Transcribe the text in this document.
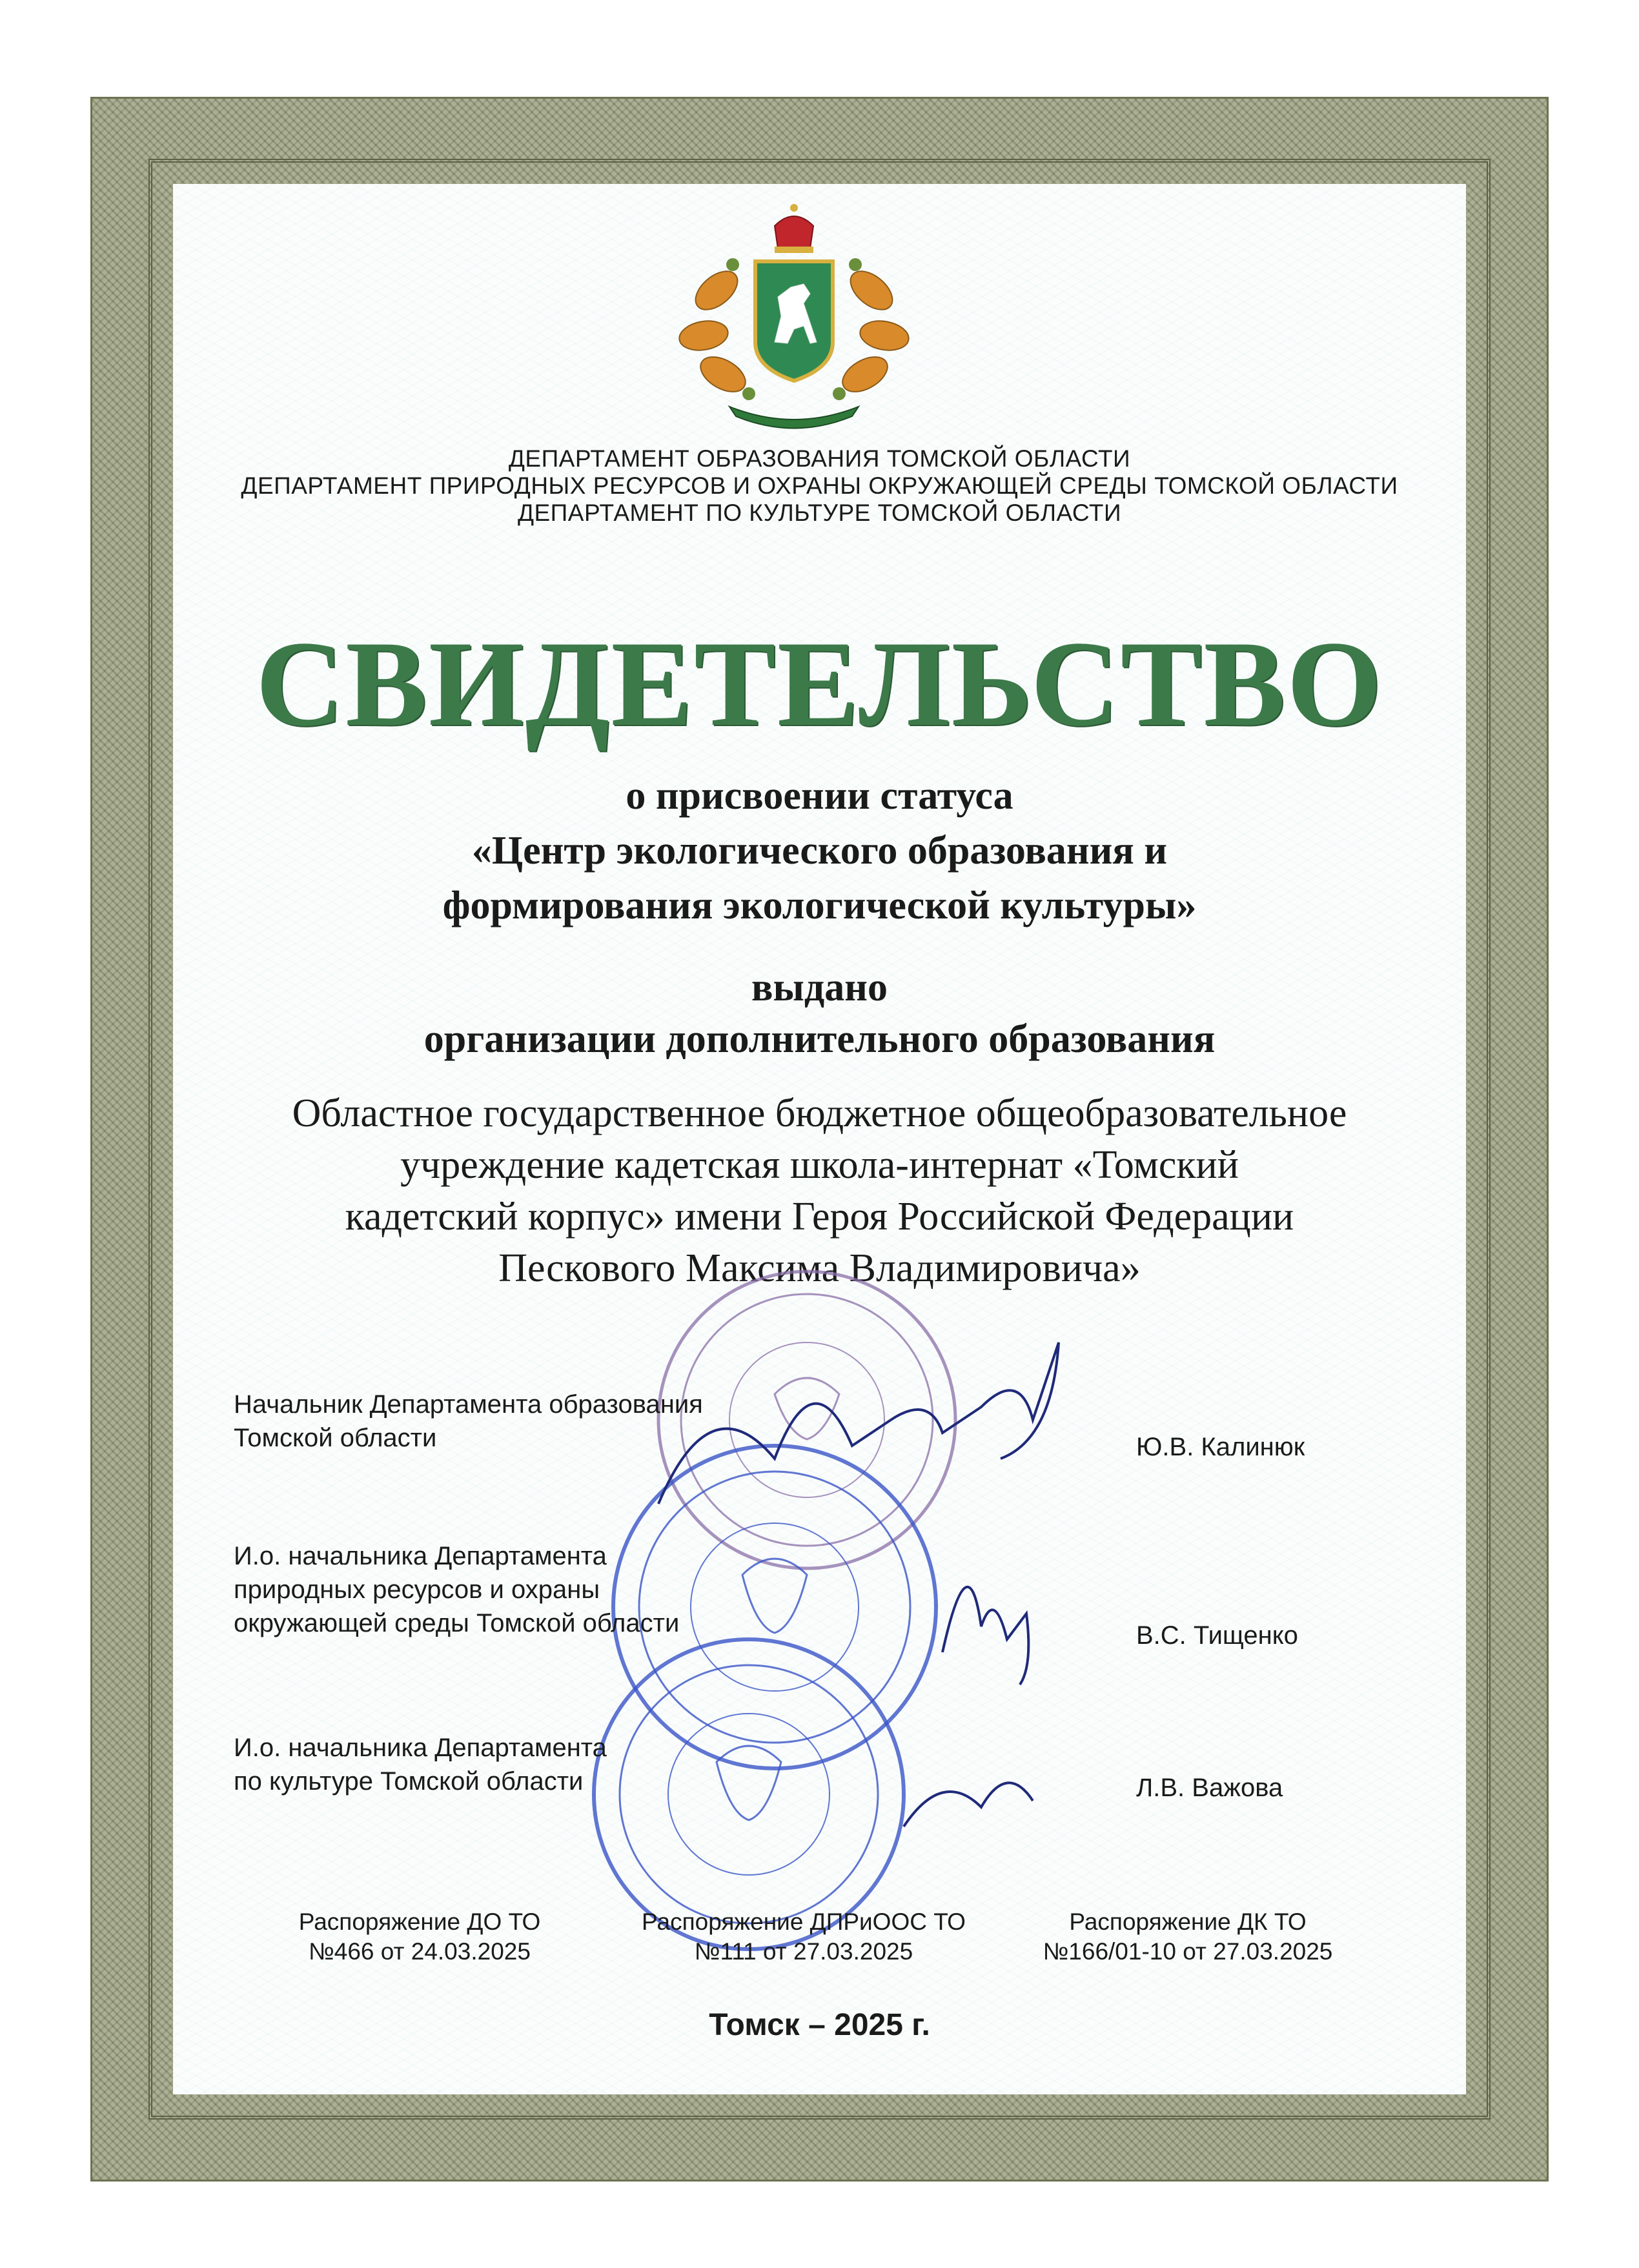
ДЕПАРТАМЕНТ ОБРАЗОВАНИЯ ТОМСКОЙ ОБЛАСТИ
ДЕПАРТАМЕНТ ПРИРОДНЫХ РЕСУРСОВ И ОХРАНЫ ОКРУЖАЮЩЕЙ СРЕДЫ ТОМСКОЙ ОБЛАСТИ
ДЕПАРТАМЕНТ ПО КУЛЬТУРЕ ТОМСКОЙ ОБЛАСТИ
СВИДЕТЕЛЬСТВО
о присвоении статуса
«Центр экологического образования и
формирования экологической культуры»
выдано
организации дополнительного образования
Областное государственное бюджетное общеобразовательное
учреждение кадетская школа-интернат «Томский
кадетский корпус» имени Героя Российской Федерации
Пескового Максима Владимировича»
Начальник Департамента образования
Томской области	Ю.В. Калинюк
И.о. начальника Департамента
природных ресурсов и охраны
окружающей среды Томской области	В.С. Тищенко
И.о. начальника Департамента
по культуре Томской области	Л.В. Важова
Распоряжение ДО ТО
№466 от 24.03.2025
Распоряжение ДПРиООС ТО
№111 от 27.03.2025
Распоряжение ДК ТО
№166/01-10 от 27.03.2025
Томск – 2025 г.
